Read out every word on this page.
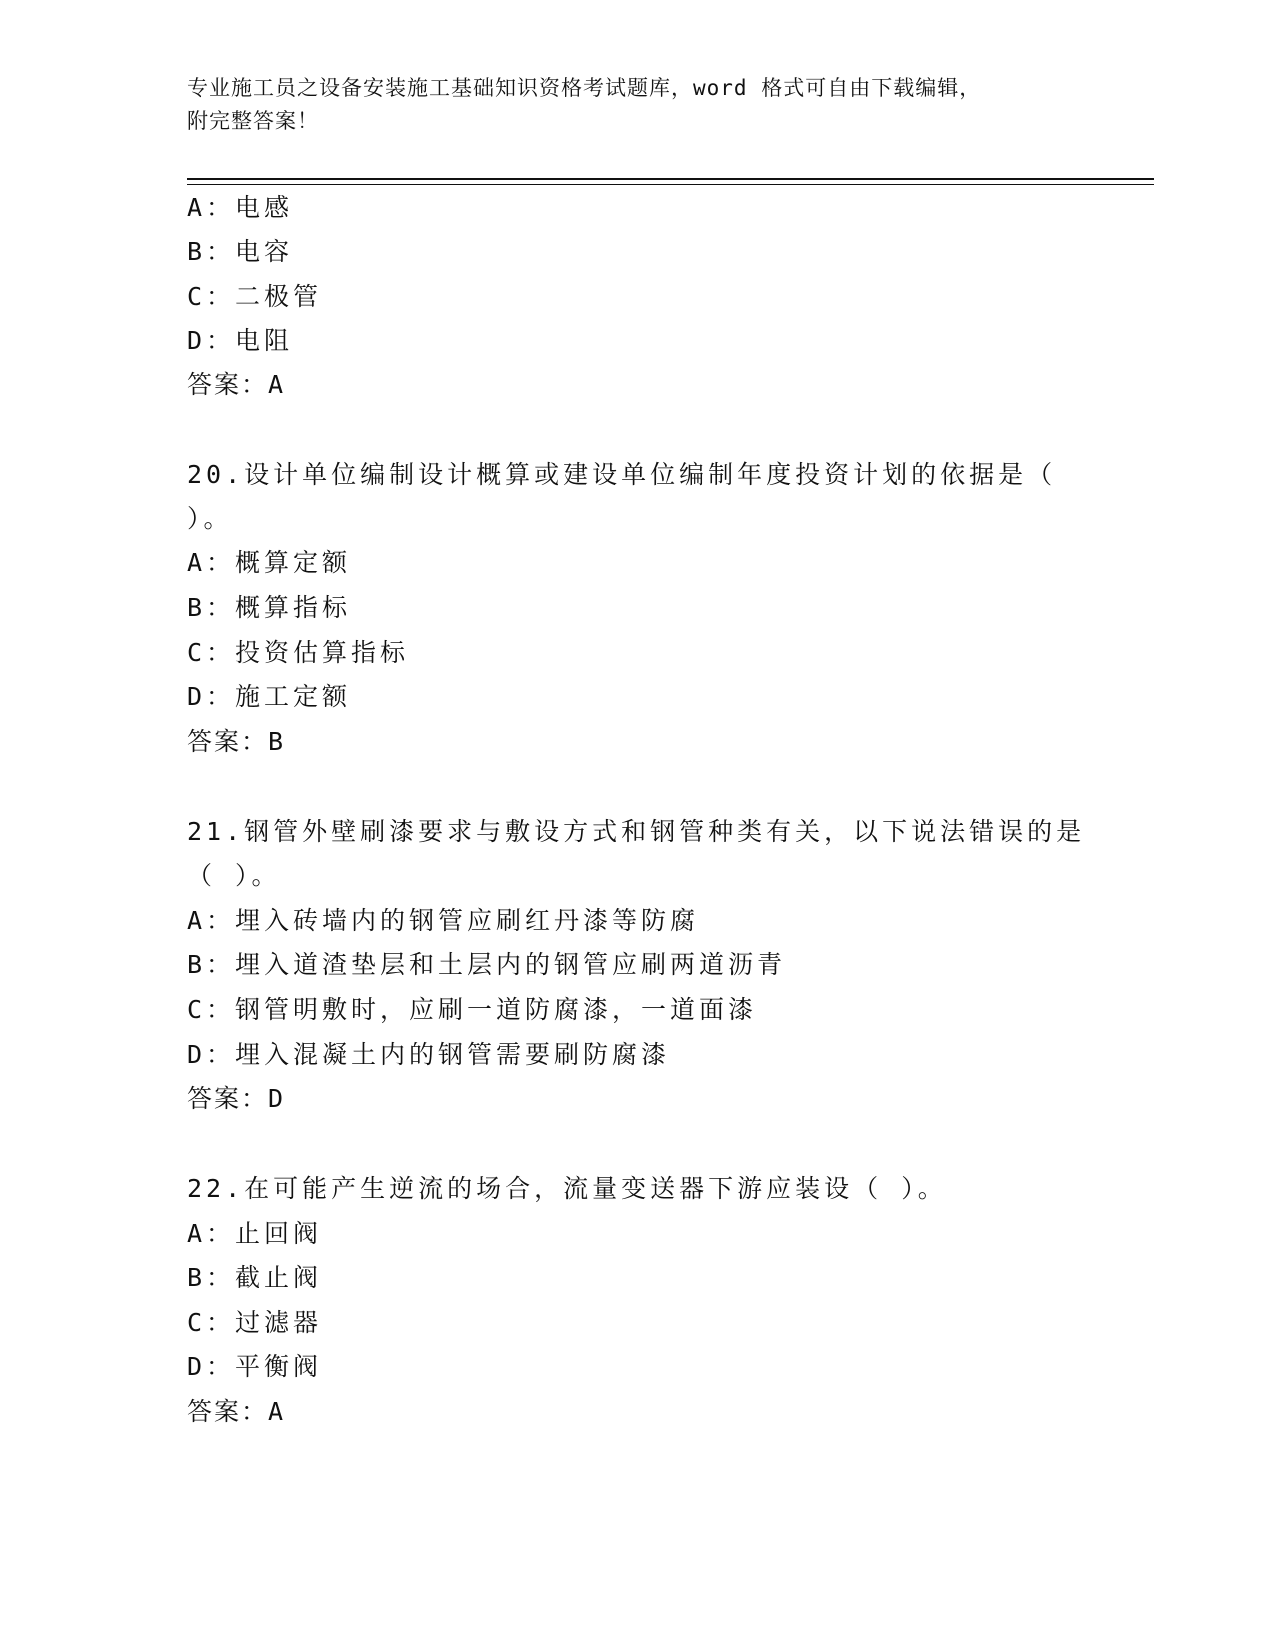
专业施工员之设备安装施工基础知识资格考试题库，word 格式可自由下载编辑，
附完整答案！
A：电感
B：电容
C：二极管
D：电阻
答案：A
20.设计单位编制设计概算或建设单位编制年度投资计划的依据是（
）。
A：概算定额
B：概算指标
C：投资估算指标
D：施工定额
答案：B
21.钢管外壁刷漆要求与敷设方式和钢管种类有关，以下说法错误的是
（ ）。
A：埋入砖墙内的钢管应刷红丹漆等防腐
B：埋入道渣垫层和土层内的钢管应刷两道沥青
C：钢管明敷时，应刷一道防腐漆，一道面漆
D：埋入混凝土内的钢管需要刷防腐漆
答案：D
22.在可能产生逆流的场合，流量变送器下游应装设（ ）。
A：止回阀
B：截止阀
C：过滤器
D：平衡阀
答案：A
